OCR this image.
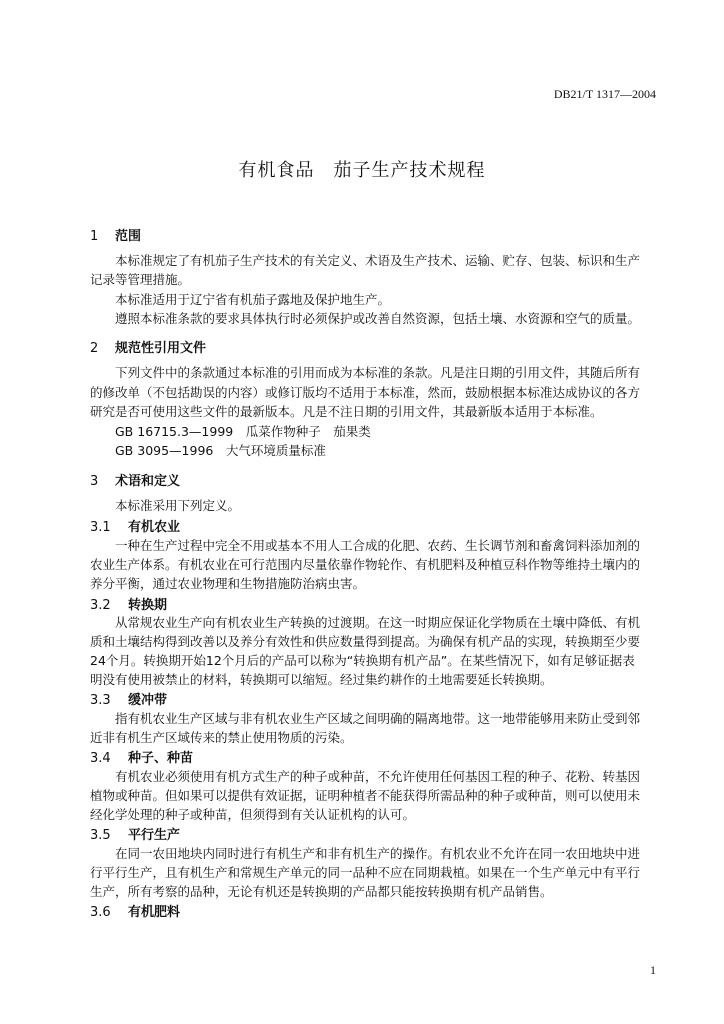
DB21/T 1317—2004
有机食品　茄子生产技术规程
1 范围
本标准规定了有机茄子生产技术的有关定义、术语及生产技术、运输、贮存、包装、标识和生产
记录等管理措施。
本标准适用于辽宁省有机茄子露地及保护地生产。
遵照本标准条款的要求具体执行时必须保护或改善自然资源，包括土壤、水资源和空气的质量。
2 规范性引用文件
下列文件中的条款通过本标准的引用而成为本标准的条款。凡是注日期的引用文件，其随后所有
的修改单（不包括勘误的内容）或修订版均不适用于本标准，然而，鼓励根据本标准达成协议的各方
研究是否可使用这些文件的最新版本。凡是不注日期的引用文件，其最新版本适用于本标准。
GB 16715.3—1999　瓜菜作物种子　茄果类
GB 3095—1996　大气环境质量标准
3 术语和定义
本标准采用下列定义。
3.1 有机农业
一种在生产过程中完全不用或基本不用人工合成的化肥、农药、生长调节剂和畜禽饲料添加剂的
农业生产体系。有机农业在可行范围内尽量依靠作物轮作、有机肥料及种植豆科作物等维持土壤内的
养分平衡，通过农业物理和生物措施防治病虫害。
3.2 转换期
从常规农业生产向有机农业生产转换的过渡期。在这一时期应保证化学物质在土壤中降低、有机
质和土壤结构得到改善以及养分有效性和供应数量得到提高。为确保有机产品的实现，转换期至少要
24个月。转换期开始12个月后的产品可以称为“转换期有机产品”。在某些情况下，如有足够证据表
明没有使用被禁止的材料，转换期可以缩短。经过集约耕作的土地需要延长转换期。
3.3 缓冲带
指有机农业生产区域与非有机农业生产区域之间明确的隔离地带。这一地带能够用来防止受到邻
近非有机生产区域传来的禁止使用物质的污染。
3.4 种子、种苗
有机农业必须使用有机方式生产的种子或种苗，不允许使用任何基因工程的种子、花粉、转基因
植物或种苗。但如果可以提供有效证据，证明种植者不能获得所需品种的种子或种苗，则可以使用未
经化学处理的种子或种苗，但须得到有关认证机构的认可。
3.5 平行生产
在同一农田地块内同时进行有机生产和非有机生产的操作。有机农业不允许在同一农田地块中进
行平行生产，且有机生产和常规生产单元的同一品种不应在同期栽植。如果在一个生产单元中有平行
生产，所有考察的品种，无论有机还是转换期的产品都只能按转换期有机产品销售。
3.6 有机肥料
1
